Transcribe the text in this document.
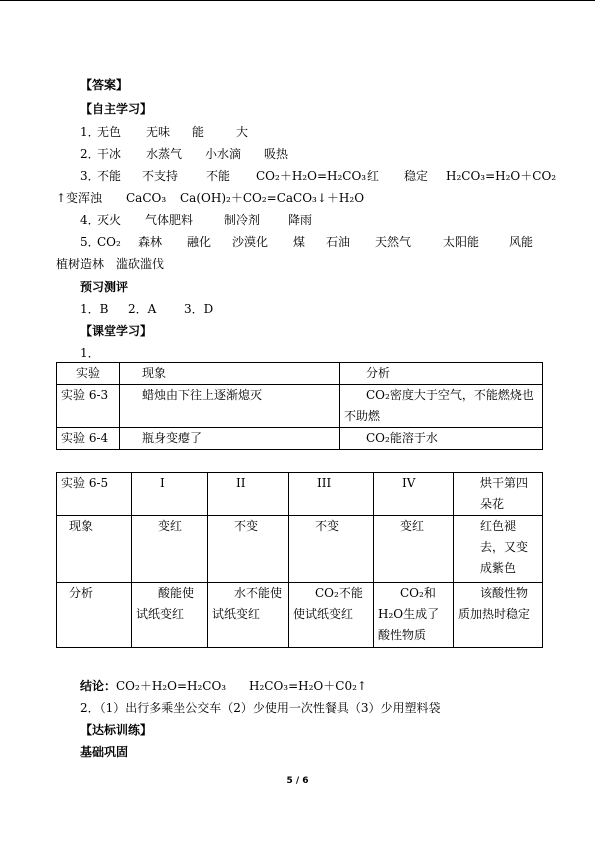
【答案】
【自主学习】
1．
无色 无味 能	大
2．
干冰 水蒸气 小水滴 吸热
3．
不能 不支持 不能 CO₂＋H₂O=H₂CO₃ 红 稳定 H₂CO₃=H₂O＋CO₂
↑变浑浊 CaCO₃ Ca(OH)₂＋CO₂=CaCO₃↓＋H₂O
4．
灭火 气体肥料	制冷剂 降雨
5．
CO₂ 森林 融化 沙漠化 煤 石油 天然气	太阳能 风能
植树造林 滥砍滥伐
预习测评
1．B 2．A 3．D
【课堂学习】
1．
实验	现象	分析
实验 6-3	蜡烛由下往上逐渐熄灭	CO₂密度大于空气，不能燃烧也不助燃
实验 6-4	瓶身变瘪了	CO₂能溶于水
实验 6-5	I	II	III	IV	烘干第四朵花
现象	变红	不变	不变	变红	红色褪去，又变成紫色
分析	酸能使试纸变红	水不能使试纸变红	CO₂不能使试纸变红	CO₂和H₂O生成了酸性物质	该酸性物质加热时稳定
结论： CO₂＋H₂O=H₂CO₃ H₂CO₃=H₂O＋C0₂↑
2．（1）出行多乘坐公交车（2）少使用一次性餐具（3）少用塑料袋
【达标训练】
基础巩固
5 / 6
